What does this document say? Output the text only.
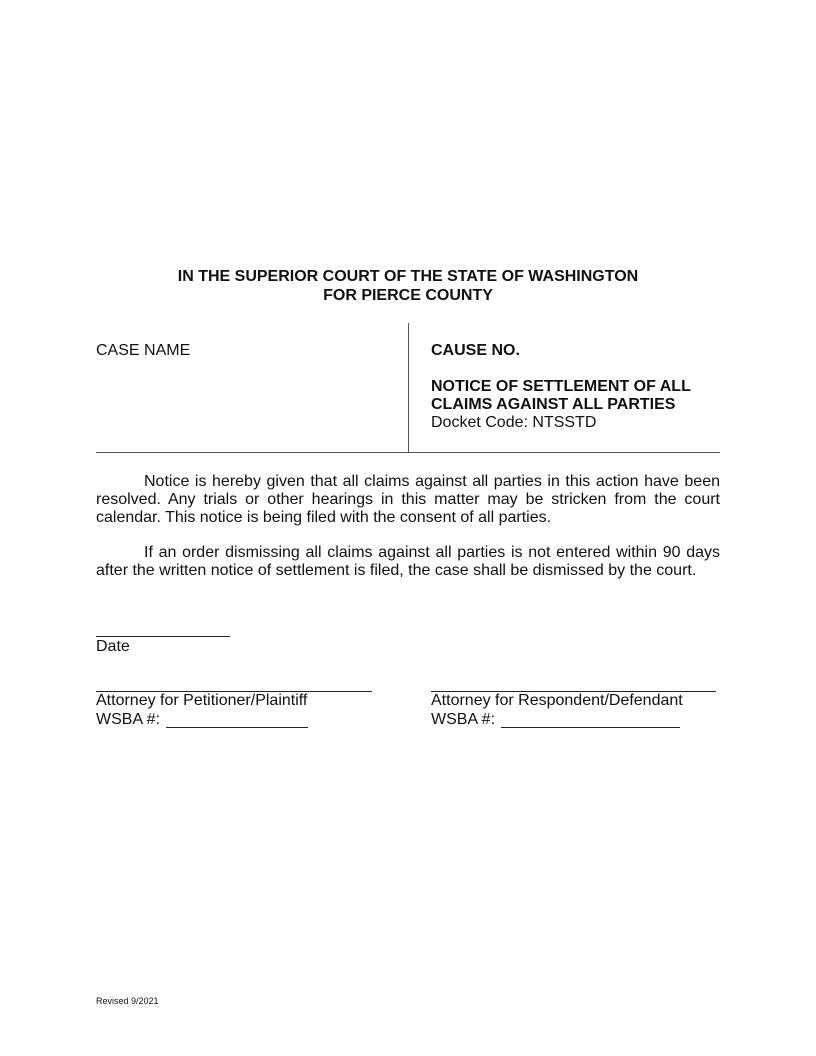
IN THE SUPERIOR COURT OF THE STATE OF WASHINGTON
FOR PIERCE COUNTY
CASE NAME	CAUSE NO.
NOTICE OF SETTLEMENT OF ALL
CLAIMS AGAINST ALL PARTIES
Docket Code: NTSSTD
Notice is hereby given that all claims against all parties in this action have been resolved. Any trials or other hearings in this matter may be stricken from the court calendar. This notice is being filed with the consent of all parties.
If an order dismissing all claims against all parties is not entered within 90 days after the written notice of settlement is filed, the case shall be dismissed by the court.
Date
Attorney for Petitioner/Plaintiff
WSBA #:
Attorney for Respondent/Defendant
WSBA #:
Revised 9/2021
